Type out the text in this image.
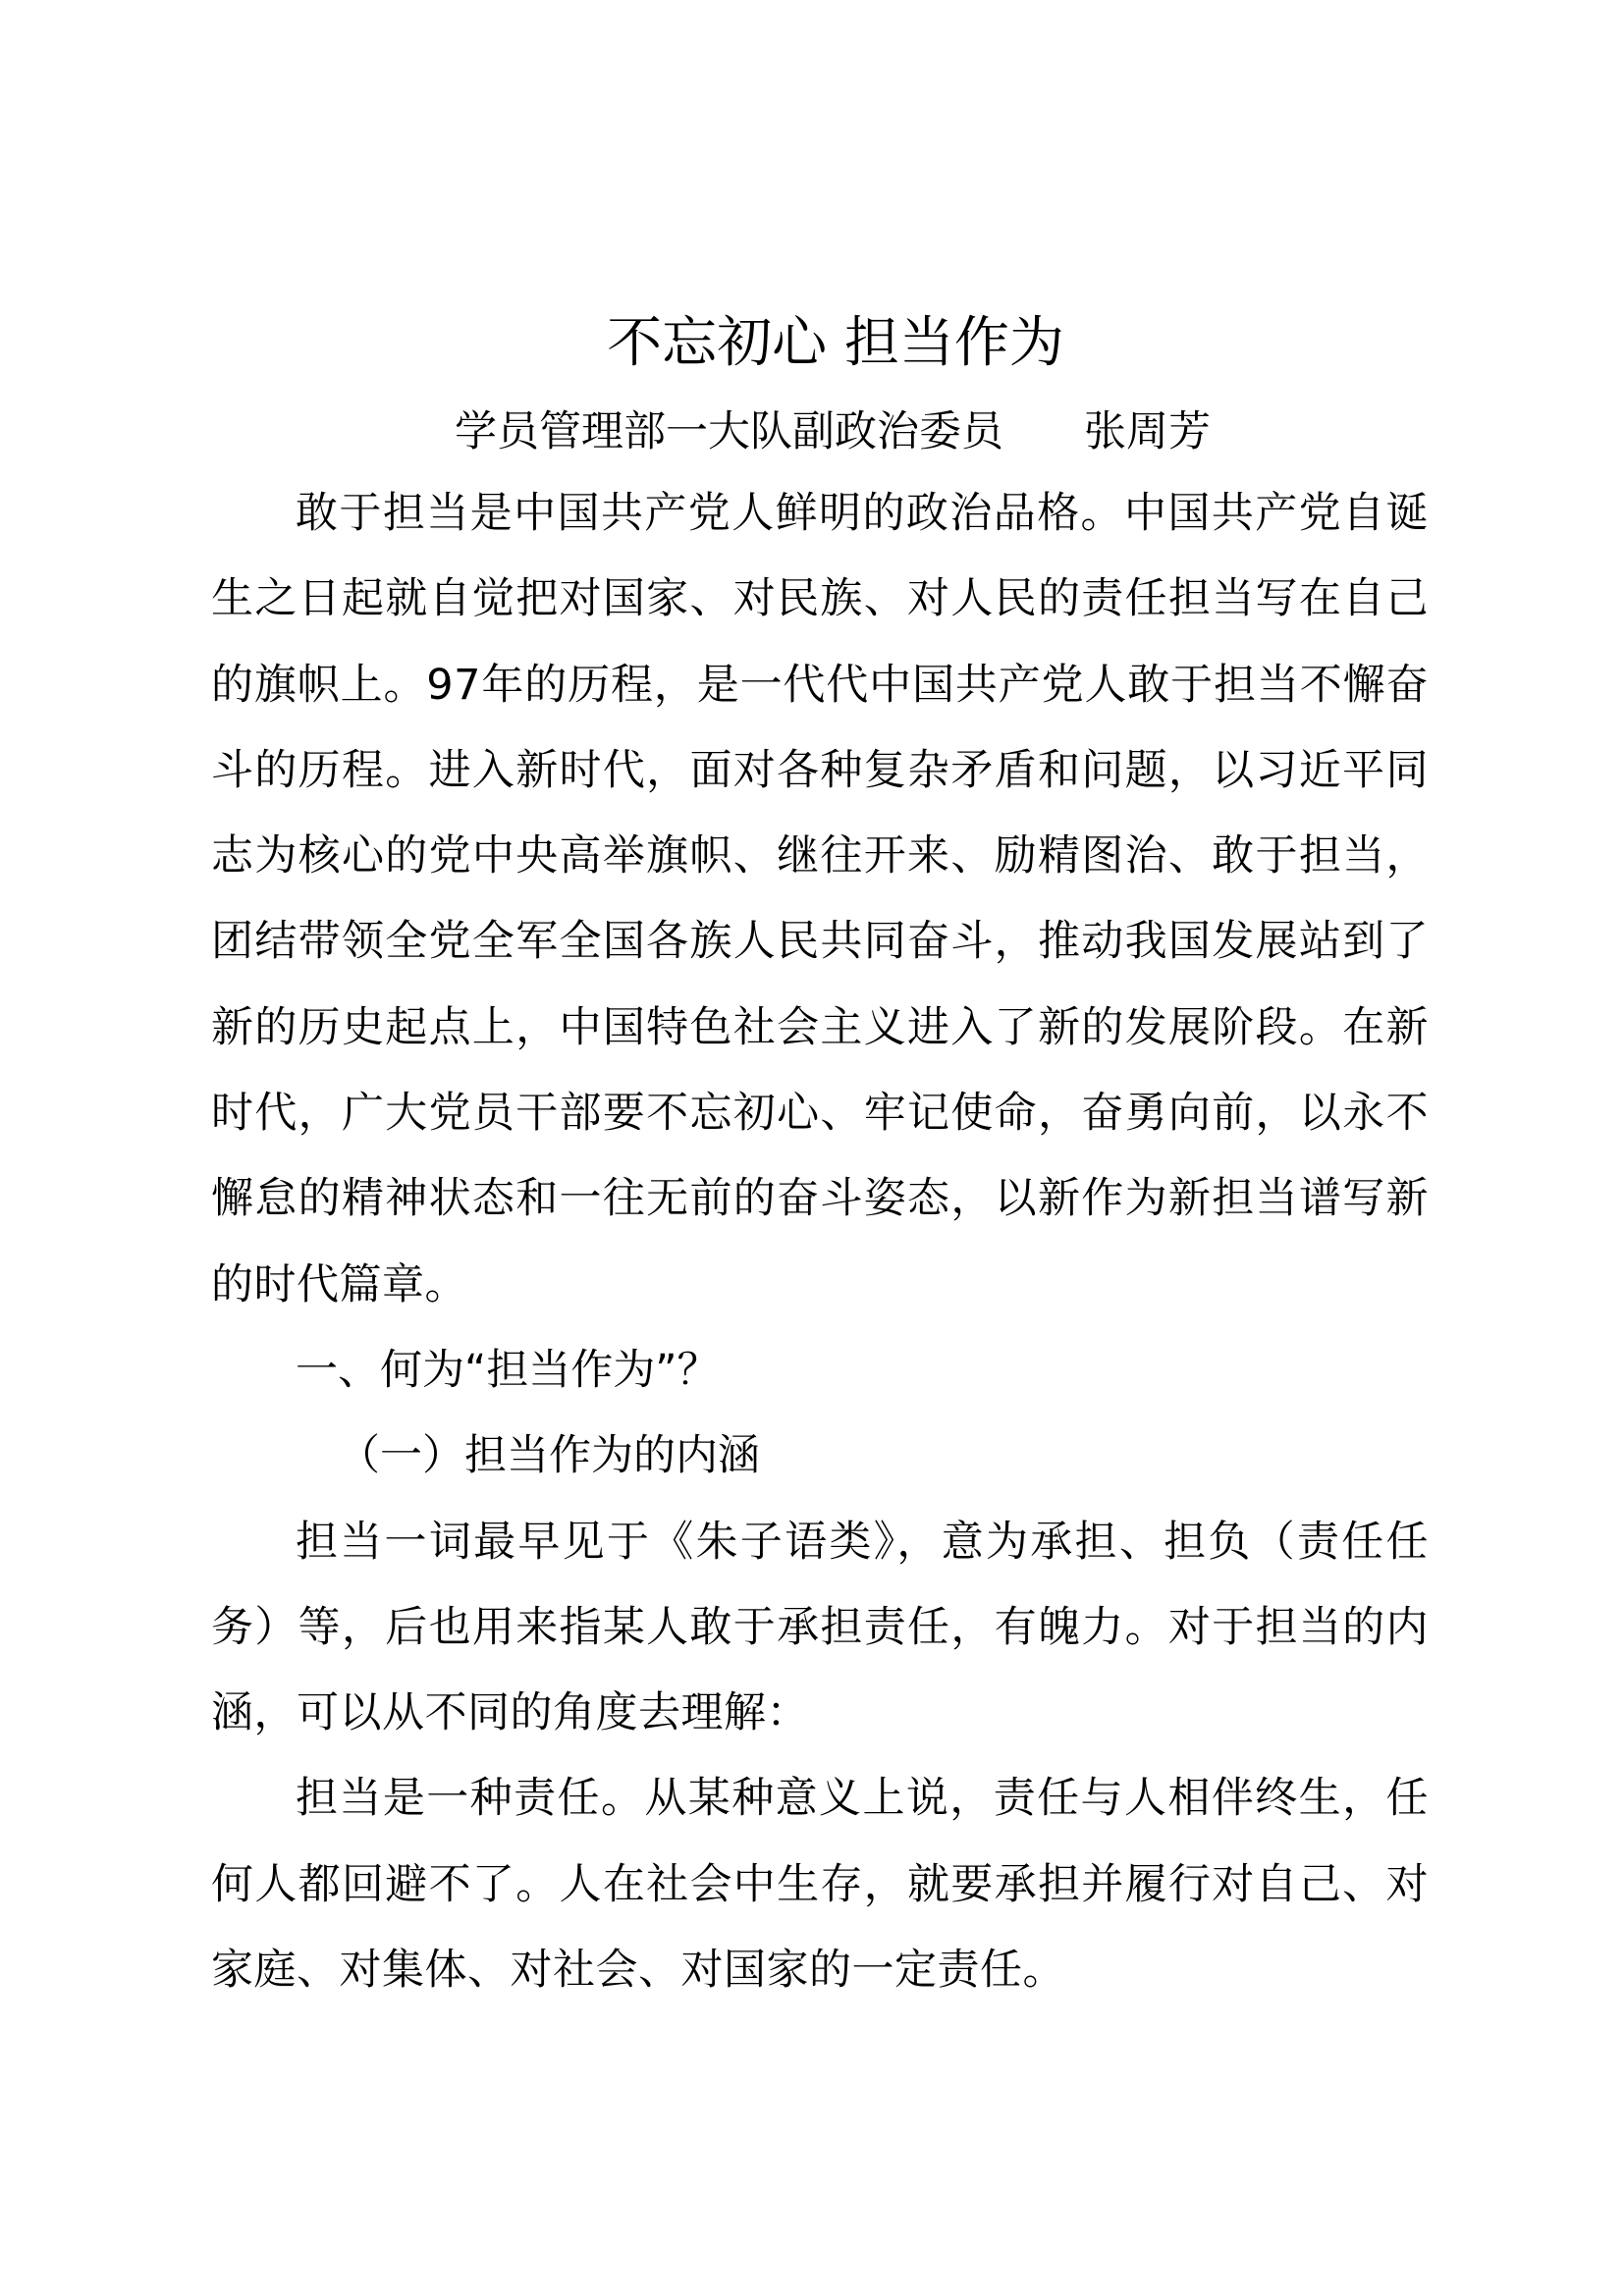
不忘初心 担当作为

学员管理部一大队副政治委员      张周芳

敢于担当是中国共产党人鲜明的政治品格。中国共产党自诞生之日起就自觉把对国家、对民族、对人民的责任担当写在自己的旗帜上。97年的历程，是一代代中国共产党人敢于担当不懈奋斗的历程。进入新时代，面对各种复杂矛盾和问题，以习近平同志为核心的党中央高举旗帜、继往开来、励精图治、敢于担当，团结带领全党全军全国各族人民共同奋斗，推动我国发展站到了新的历史起点上，中国特色社会主义进入了新的发展阶段。在新时代，广大党员干部要不忘初心、牢记使命，奋勇向前，以永不懈怠的精神状态和一往无前的奋斗姿态，以新作为新担当谱写新的时代篇章。

一、何为“担当作为”？

（一）担当作为的内涵

担当一词最早见于《朱子语类》，意为承担、担负（责任任务）等，后也用来指某人敢于承担责任，有魄力。对于担当的内涵，可以从不同的角度去理解：

担当是一种责任。从某种意义上说，责任与人相伴终生，任何人都回避不了。人在社会中生存，就要承担并履行对自己、对家庭、对集体、对社会、对国家的一定责任。
